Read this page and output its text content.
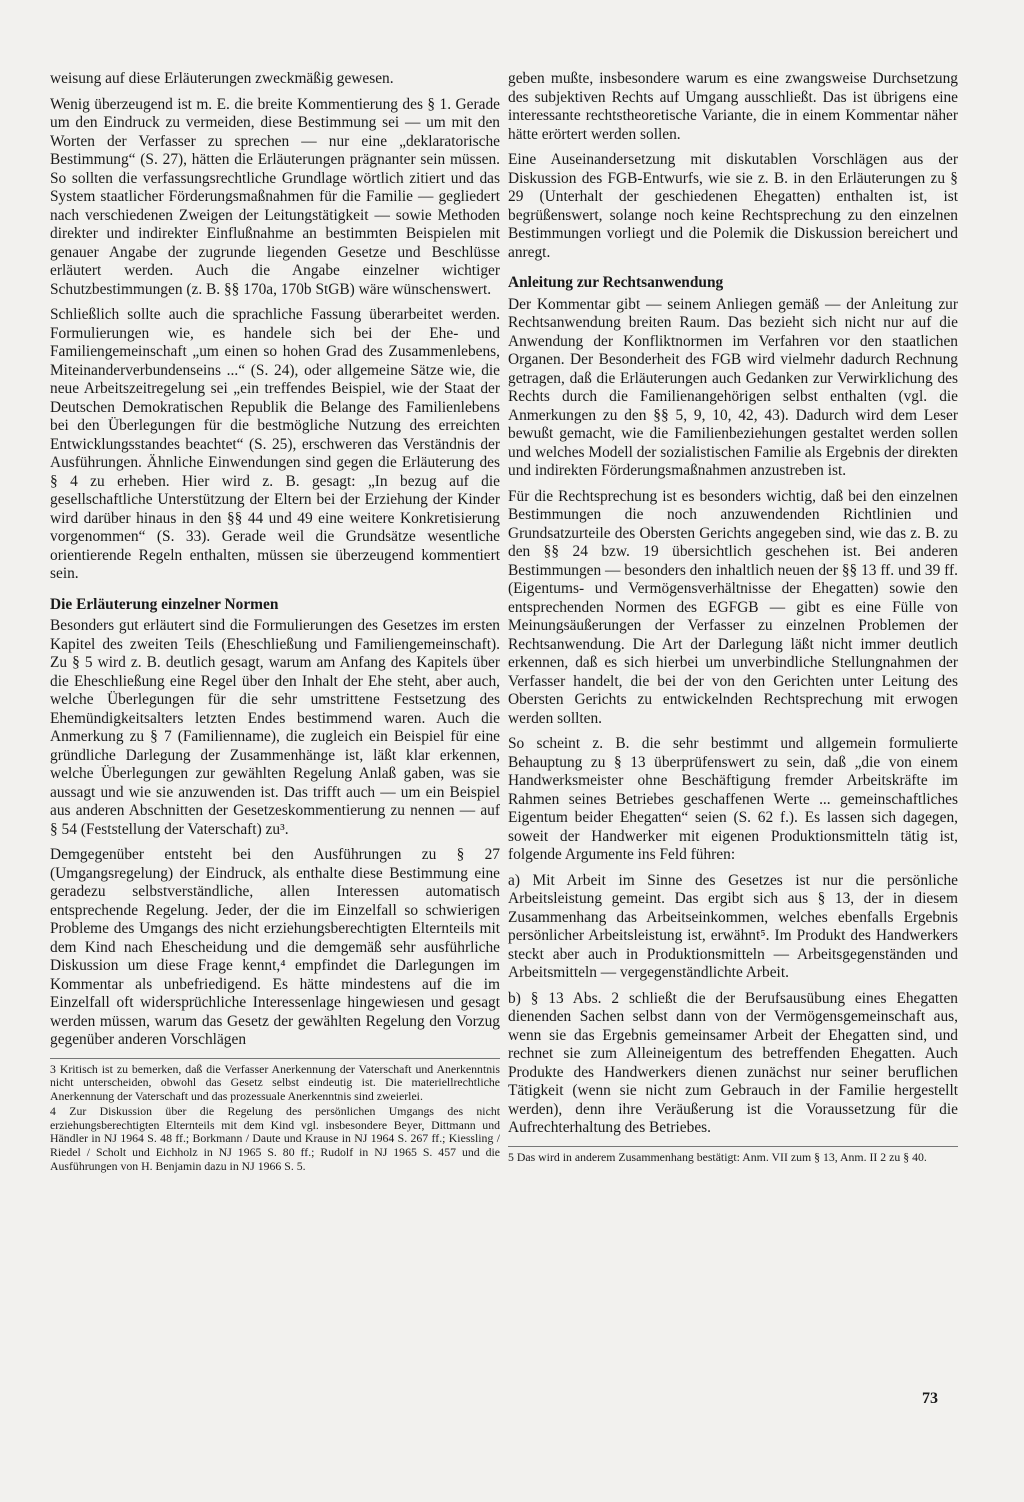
weisung auf diese Erläuterungen zweckmäßig gewesen.

Wenig überzeugend ist m. E. die breite Kommentierung des § 1. Gerade um den Eindruck zu vermeiden, diese Bestimmung sei — um mit den Worten der Verfasser zu sprechen — nur eine „deklaratorische Bestimmung“ (S. 27), hätten die Erläuterungen prägnanter sein müssen. So sollten die verfassungsrechtliche Grundlage wörtlich zitiert und das System staatlicher Förderungsmaßnahmen für die Familie — gegliedert nach verschiedenen Zweigen der Leitungstätigkeit — sowie Methoden direkter und indirekter Einflußnahme an bestimmten Beispielen mit genauer Angabe der zugrunde liegenden Gesetze und Beschlüsse erläutert werden. Auch die Angabe einzelner wichtiger Schutzbestimmungen (z. B. §§ 170a, 170b StGB) wäre wünschenswert.

Schließlich sollte auch die sprachliche Fassung überarbeitet werden. Formulierungen wie, es handele sich bei der Ehe- und Familiengemeinschaft „um einen so hohen Grad des Zusammenlebens, Miteinanderverbundenseins ...“ (S. 24), oder allgemeine Sätze wie, die neue Arbeitszeitregelung sei „ein treffendes Beispiel, wie der Staat der Deutschen Demokratischen Republik die Belange des Familienlebens bei den Überlegungen für die bestmögliche Nutzung des erreichten Entwicklungsstandes beachtet“ (S. 25), erschweren das Verständnis der Ausführungen. Ähnliche Einwendungen sind gegen die Erläuterung des § 4 zu erheben. Hier wird z. B. gesagt: „In bezug auf die gesellschaftliche Unterstützung der Eltern bei der Erziehung der Kinder wird darüber hinaus in den §§ 44 und 49 eine weitere Konkretisierung vorgenommen“ (S. 33). Gerade weil die Grundsätze wesentliche orientierende Regeln enthalten, müssen sie überzeugend kommentiert sein.

Die Erläuterung einzelner Normen

Besonders gut erläutert sind die Formulierungen des Gesetzes im ersten Kapitel des zweiten Teils (Eheschließung und Familiengemeinschaft). Zu § 5 wird z. B. deutlich gesagt, warum am Anfang des Kapitels über die Eheschließung eine Regel über den Inhalt der Ehe steht, aber auch, welche Überlegungen für die sehr umstrittene Festsetzung des Ehemündigkeitsalters letzten Endes bestimmend waren. Auch die Anmerkung zu § 7 (Familienname), die zugleich ein Beispiel für eine gründliche Darlegung der Zusammenhänge ist, läßt klar erkennen, welche Überlegungen zur gewählten Regelung Anlaß gaben, was sie aussagt und wie sie anzuwenden ist. Das trifft auch — um ein Beispiel aus anderen Abschnitten der Gesetzeskommentierung zu nennen — auf § 54 (Feststellung der Vaterschaft) zu³.

Demgegenüber entsteht bei den Ausführungen zu § 27 (Umgangsregelung) der Eindruck, als enthalte diese Bestimmung eine geradezu selbstverständliche, allen Interessen automatisch entsprechende Regelung. Jeder, der die im Einzelfall so schwierigen Probleme des Umgangs des nicht erziehungsberechtigten Elternteils mit dem Kind nach Ehescheidung und die demgemäß sehr ausführliche Diskussion um diese Frage kennt,⁴ empfindet die Darlegungen im Kommentar als unbefriedigend. Es hätte mindestens auf die im Einzelfall oft widersprüchliche Interessenlage hingewiesen und gesagt werden müssen, warum das Gesetz der gewählten Regelung den Vorzug gegenüber anderen Vorschlägen

3 Kritisch ist zu bemerken, daß die Verfasser Anerkennung der Vaterschaft und Anerkenntnis nicht unterscheiden, obwohl das Gesetz selbst eindeutig ist. Die materiellrechtliche Anerkennung der Vaterschaft und das prozessuale Anerkenntnis sind zweierlei.

4 Zur Diskussion über die Regelung des persönlichen Umgangs des nicht erziehungsberechtigten Elternteils mit dem Kind vgl. insbesondere Beyer, Dittmann und Händler in NJ 1964 S. 48 ff.; Borkmann / Daute und Krause in NJ 1964 S. 267 ff.; Kiessling / Riedel / Scholt und Eichholz in NJ 1965 S. 80 ff.; Rudolf in NJ 1965 S. 457 und die Ausführungen von H. Benjamin dazu in NJ 1966 S. 5.

geben mußte, insbesondere warum es eine zwangsweise Durchsetzung des subjektiven Rechts auf Umgang ausschließt. Das ist übrigens eine interessante rechtstheoretische Variante, die in einem Kommentar näher hätte erörtert werden sollen.

Eine Auseinandersetzung mit diskutablen Vorschlägen aus der Diskussion des FGB-Entwurfs, wie sie z. B. in den Erläuterungen zu § 29 (Unterhalt der geschiedenen Ehegatten) enthalten ist, ist begrüßenswert, solange noch keine Rechtsprechung zu den einzelnen Bestimmungen vorliegt und die Polemik die Diskussion bereichert und anregt.

Anleitung zur Rechtsanwendung

Der Kommentar gibt — seinem Anliegen gemäß — der Anleitung zur Rechtsanwendung breiten Raum. Das bezieht sich nicht nur auf die Anwendung der Konfliktnormen im Verfahren vor den staatlichen Organen. Der Besonderheit des FGB wird vielmehr dadurch Rechnung getragen, daß die Erläuterungen auch Gedanken zur Verwirklichung des Rechts durch die Familienangehörigen selbst enthalten (vgl. die Anmerkungen zu den §§ 5, 9, 10, 42, 43). Dadurch wird dem Leser bewußt gemacht, wie die Familienbeziehungen gestaltet werden sollen und welches Modell der sozialistischen Familie als Ergebnis der direkten und indirekten Förderungsmaßnahmen anzustreben ist.

Für die Rechtsprechung ist es besonders wichtig, daß bei den einzelnen Bestimmungen die noch anzuwendenden Richtlinien und Grundsatzurteile des Obersten Gerichts angegeben sind, wie das z. B. zu den §§ 24 bzw. 19 übersichtlich geschehen ist. Bei anderen Bestimmungen — besonders den inhaltlich neuen der §§ 13 ff. und 39 ff. (Eigentums- und Vermögensverhältnisse der Ehegatten) sowie den entsprechenden Normen des EGFGB — gibt es eine Fülle von Meinungsäußerungen der Verfasser zu einzelnen Problemen der Rechtsanwendung. Die Art der Darlegung läßt nicht immer deutlich erkennen, daß es sich hierbei um unverbindliche Stellungnahmen der Verfasser handelt, die bei der von den Gerichten unter Leitung des Obersten Gerichts zu entwickelnden Rechtsprechung mit erwogen werden sollten.

So scheint z. B. die sehr bestimmt und allgemein formulierte Behauptung zu § 13 überprüfenswert zu sein, daß „die von einem Handwerksmeister ohne Beschäftigung fremder Arbeitskräfte im Rahmen seines Betriebes geschaffenen Werte ... gemeinschaftliches Eigentum beider Ehegatten“ seien (S. 62 f.). Es lassen sich dagegen, soweit der Handwerker mit eigenen Produktionsmitteln tätig ist, folgende Argumente ins Feld führen:

a) Mit Arbeit im Sinne des Gesetzes ist nur die persönliche Arbeitsleistung gemeint. Das ergibt sich aus § 13, der in diesem Zusammenhang das Arbeitseinkommen, welches ebenfalls Ergebnis persönlicher Arbeitsleistung ist, erwähnt⁵. Im Produkt des Handwerkers steckt aber auch in Produktionsmitteln — Arbeitsgegenständen und Arbeitsmitteln — vergegenständlichte Arbeit.

b) § 13 Abs. 2 schließt die der Berufsausübung eines Ehegatten dienenden Sachen selbst dann von der Vermögensgemeinschaft aus, wenn sie das Ergebnis gemeinsamer Arbeit der Ehegatten sind, und rechnet sie zum Alleineigentum des betreffenden Ehegatten. Auch Produkte des Handwerkers dienen zunächst nur seiner beruflichen Tätigkeit (wenn sie nicht zum Gebrauch in der Familie hergestellt werden), denn ihre Veräußerung ist die Voraussetzung für die Aufrechterhaltung des Betriebes.

5 Das wird in anderem Zusammenhang bestätigt: Anm. VII zum § 13, Anm. II 2 zu § 40.

73
